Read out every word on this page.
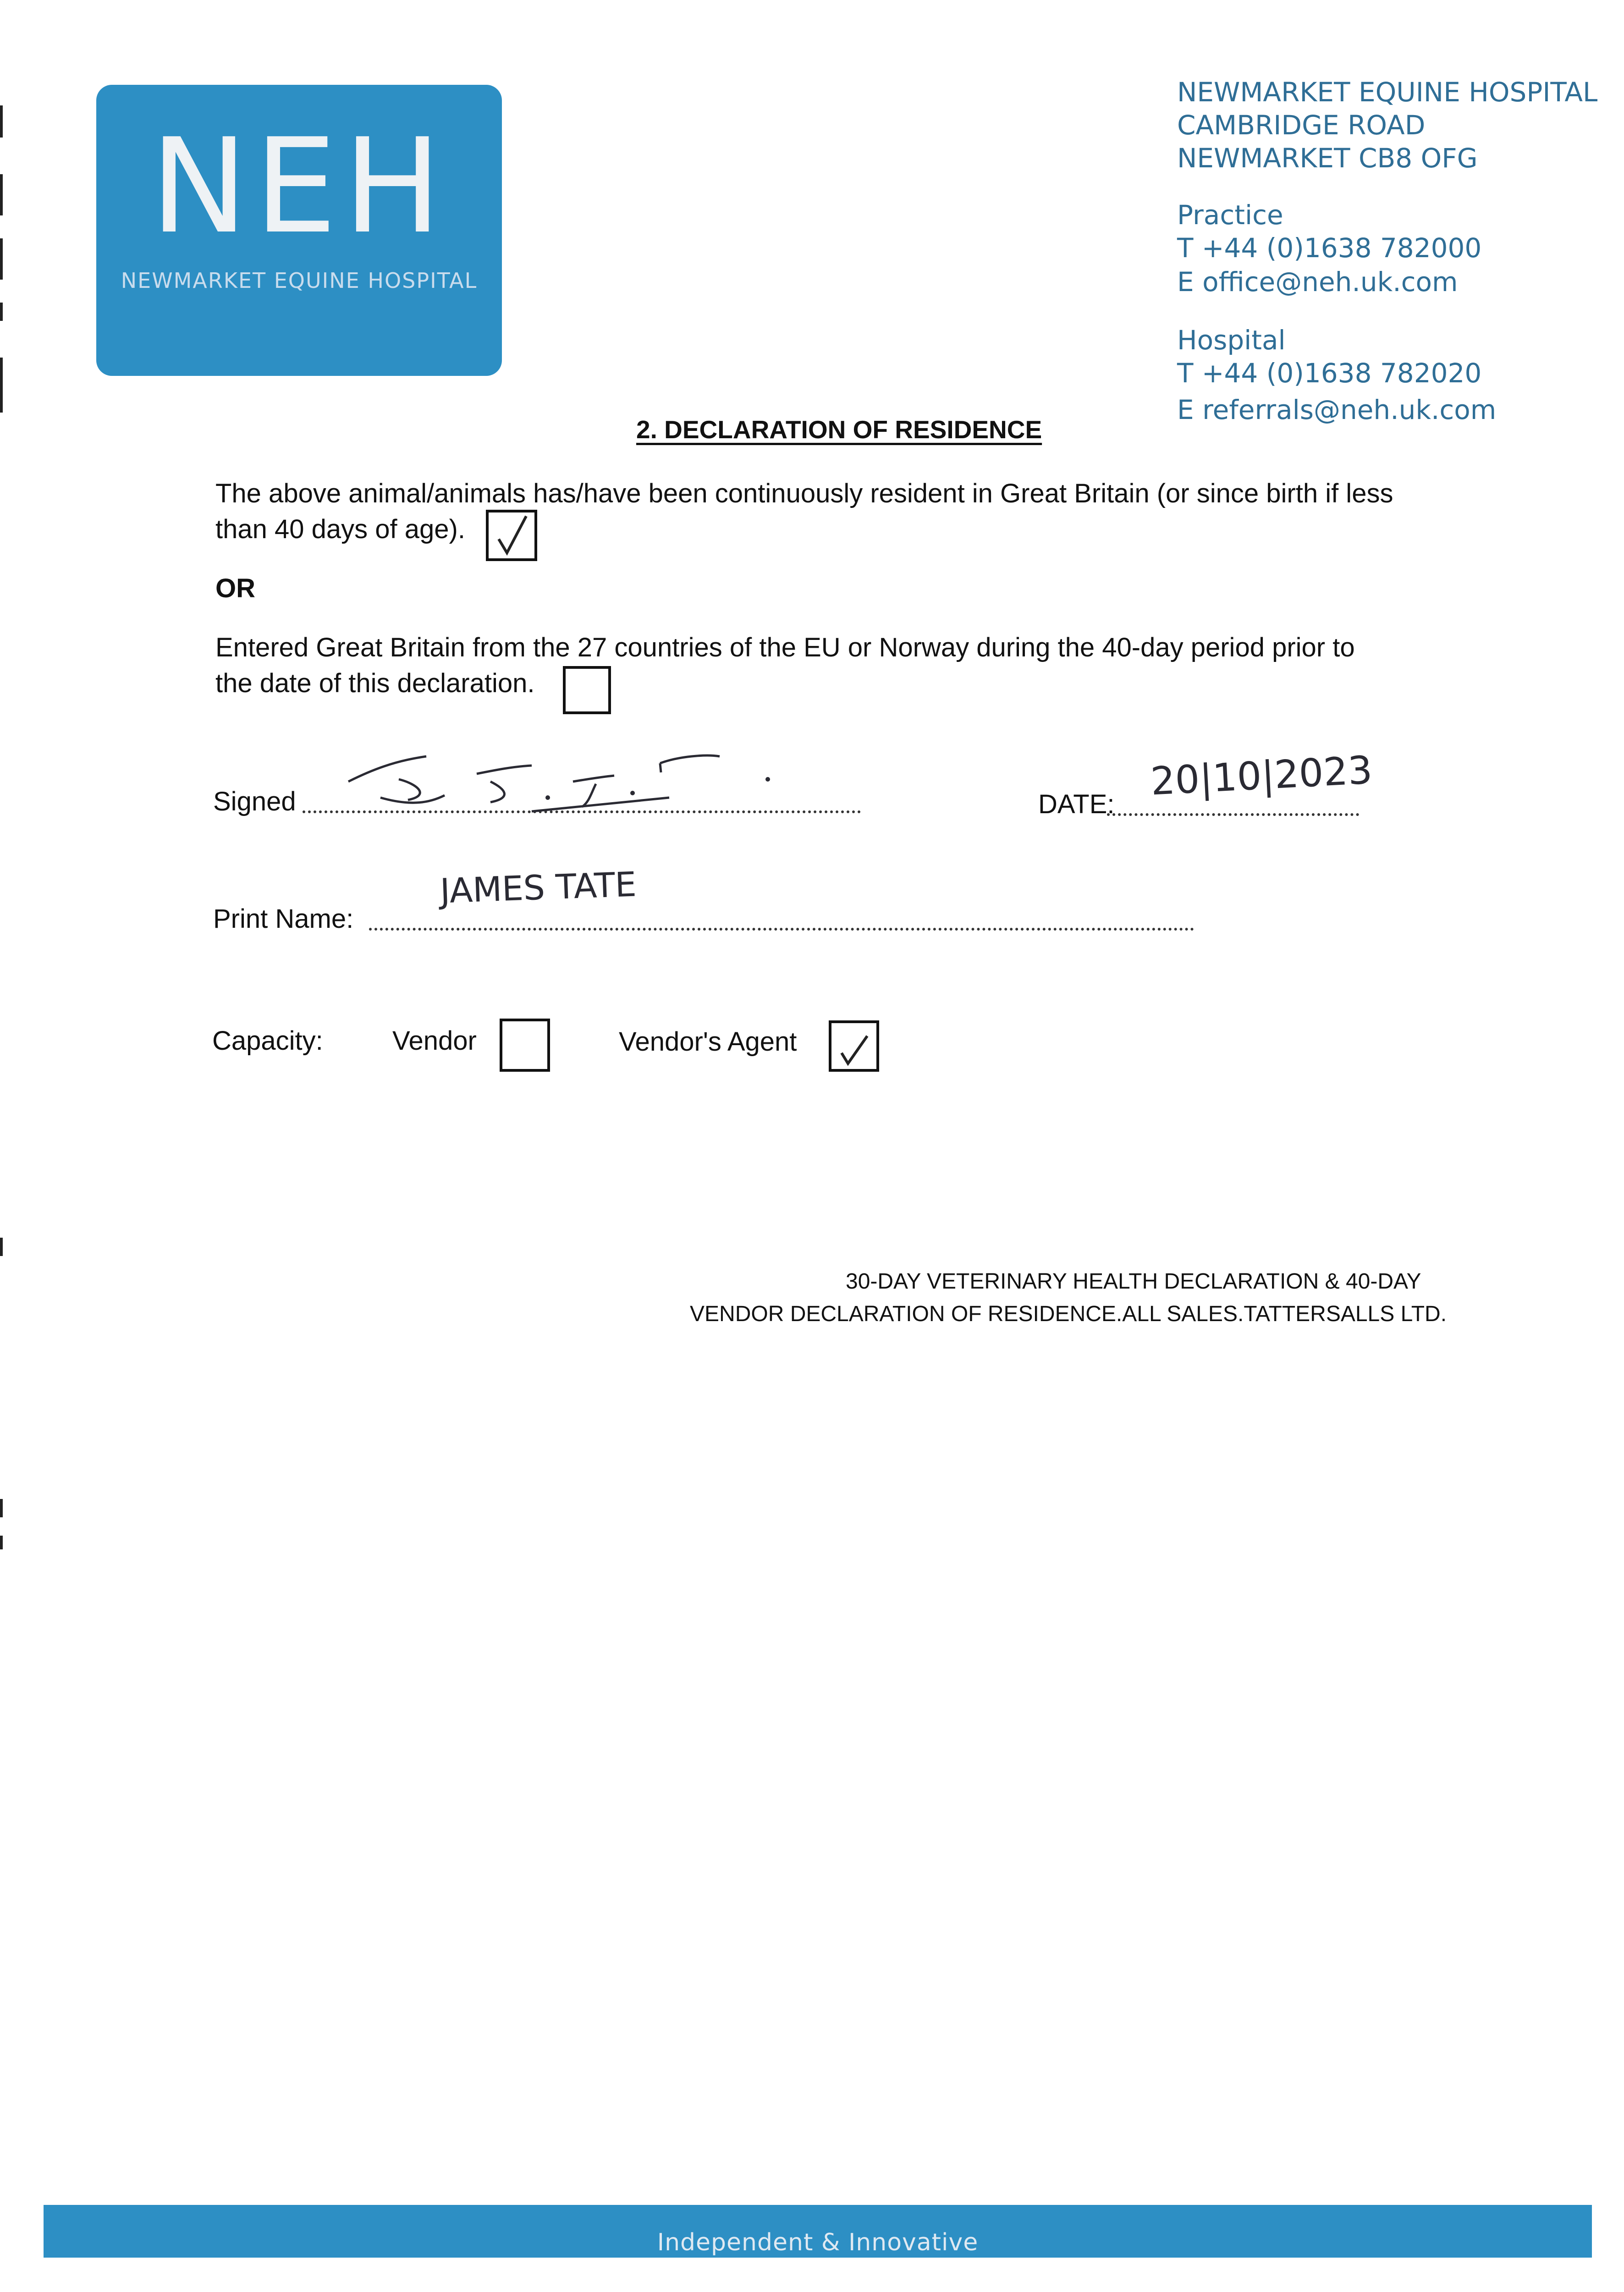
NEH
NEWMARKET EQUINE HOSPITAL
NEWMARKET EQUINE HOSPITAL
CAMBRIDGE ROAD
NEWMARKET CB8 OFG
Practice
T +44 (0)1638 782000
E office@neh.uk.com
Hospital
T +44 (0)1638 782020
E referrals@neh.uk.com
2. DECLARATION OF RESIDENCE
The above animal/animals has/have been continuously resident in Great Britain (or since birth if less
than 40 days of age).
OR
Entered Great Britain from the 27 countries of the EU or Norway during the 40-day period prior to
the date of this declaration.
Signed	DATE:
20|10|2023
Print Name:
JAMES TATE
Capacity:	Vendor	Vendor's Agent
30-DAY VETERINARY HEALTH DECLARATION & 40-DAY
VENDOR DECLARATION OF RESIDENCE.ALL SALES.TATTERSALLS LTD.
Independent & Innovative
